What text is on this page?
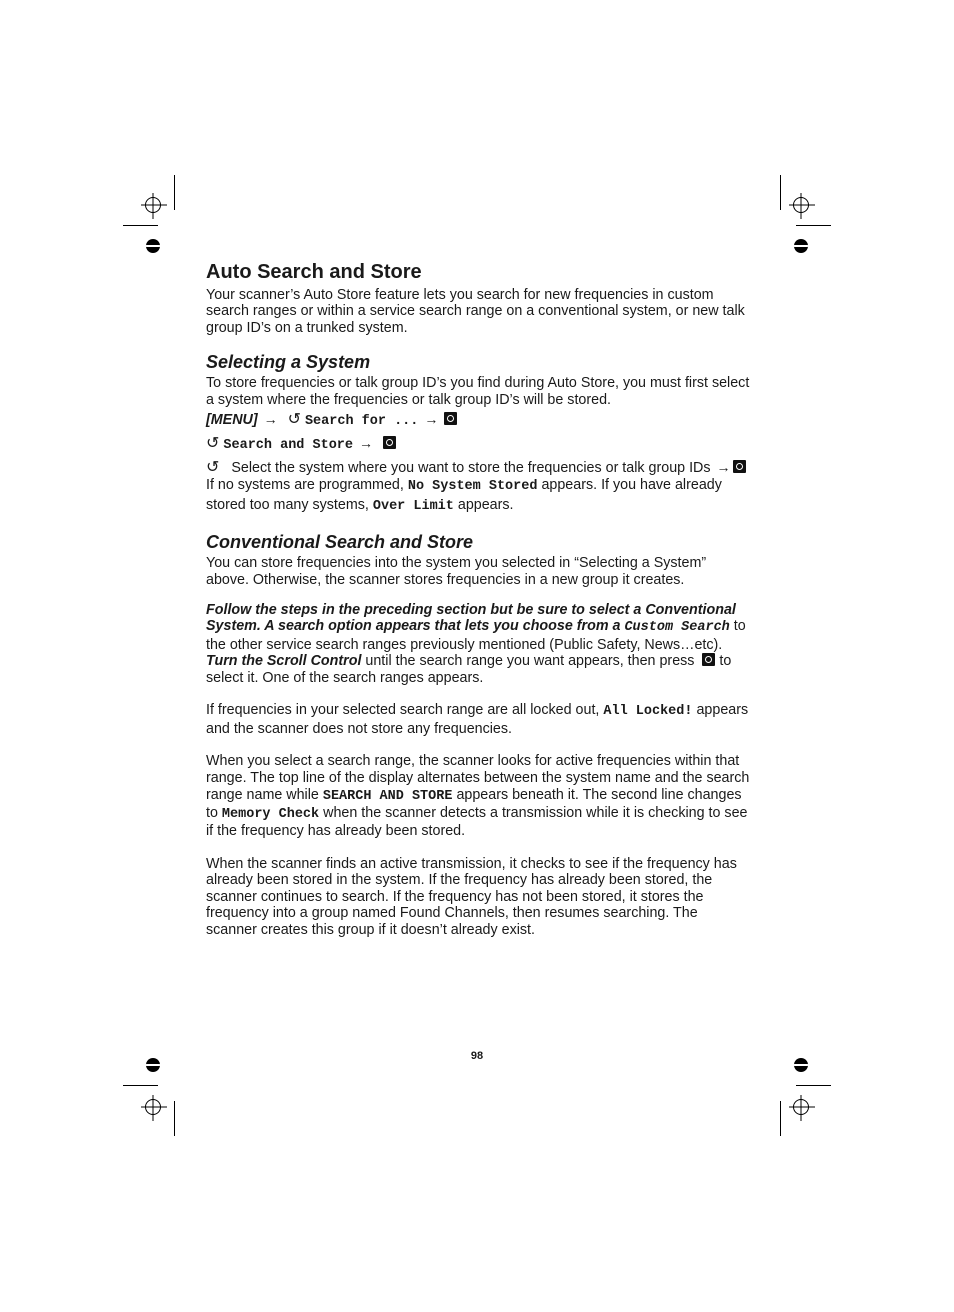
Auto Search and Store

Your scanner’s Auto Store feature lets you search for new frequencies in custom search ranges or within a service search range on a conventional system, or new talk group ID’s on a trunked system.

Selecting a System

To store frequencies or talk group ID’s you find during Auto Store, you must first select a system where the frequencies or talk group ID’s will be stored.

[MENU] → ↺ Search for ... →

↺ Search and Store →

↺ Select the system where you want to store the frequencies or talk group IDs →

If no systems are programmed, No System Stored appears. If you have already stored too many systems, Over Limit appears.

Conventional Search and Store

You can store frequencies into the system you selected in “Selecting a System” above. Otherwise, the scanner stores frequencies in a new group it creates.

Follow the steps in the preceding section but be sure to select a Conventional System. A search option appears that lets you choose from a Custom Search to the other service search ranges previously mentioned (Public Safety, News…etc). Turn the Scroll Control until the search range you want appears, then press to select it. One of the search ranges appears.

If frequencies in your selected search range are all locked out, All Locked! appears and the scanner does not store any frequencies.

When you select a search range, the scanner looks for active frequencies within that range. The top line of the display alternates between the system name and the search range name while SEARCH AND STORE appears beneath it. The second line changes to Memory Check when the scanner detects a transmission while it is checking to see if the frequency has already been stored.

When the scanner finds an active transmission, it checks to see if the frequency has already been stored in the system. If the frequency has already been stored, the scanner continues to search. If the frequency has not been stored, it stores the frequency into a group named Found Channels, then resumes searching. The scanner creates this group if it doesn’t already exist.

98
